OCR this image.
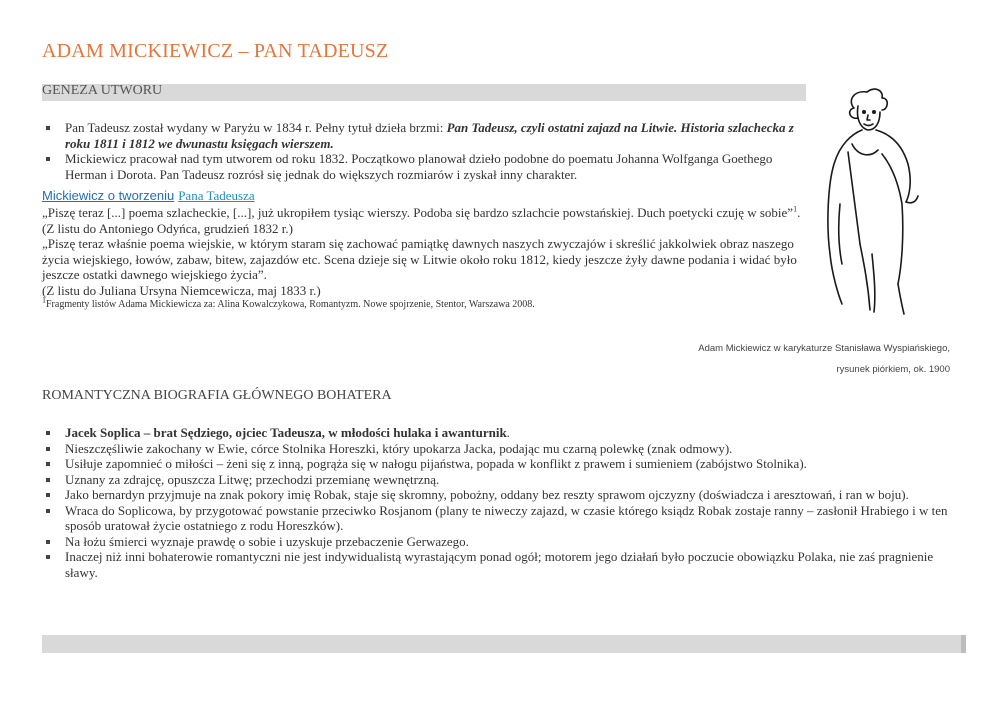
ADAM MICKIEWICZ – PAN TADEUSZ
GENEZA UTWORU
Pan Tadeusz został wydany w Paryżu w 1834 r. Pełny tytuł dzieła brzmi: Pan Tadeusz, czyli ostatni zajazd na Litwie. Historia szlachecka z roku 1811 i 1812 we dwunastu księgach wierszem.
Mickiewicz pracował nad tym utworem od roku 1832. Początkowo planował dzieło podobne do poematu Johanna Wolfganga Goethego Herman i Dorota. Pan Tadeusz rozrósł się jednak do większych rozmiarów i zyskał inny charakter.
Mickiewicz o tworzeniu Pana Tadeusza

„Piszę teraz [...] poema szlacheckie, [...], już ukropiłem tysiąc wierszy. Podoba się bardzo szlachcie powstańskiej. Duch poetycki czuję w sobie”$^1$.

(Z listu do Antoniego Odyńca, grudzień 1832 r.)

„Piszę teraz właśnie poema wiejskie, w którym staram się zachować pamiątkę dawnych naszych zwyczajów i skreślić jakkolwiek obraz naszego życia wiejskiego, łowów, zabaw, bitew, zajazdów etc. Scena dzieje się w Litwie około roku 1812, kiedy jeszcze żyły dawne podania i widać było jeszcze ostatki dawnego wiejskiego życia”.

(Z listu do Juliana Ursyna Niemcewicza, maj 1833 r.)

$^1$Fragmenty listów Adama Mickiewicza za: Alina Kowalczykowa, Romantyzm. Nowe spojrzenie, Stentor, Warszawa 2008.

Adam Mickiewicz w karykaturze Stanisława Wyspiańskiego,
rysunek piórkiem, ok. 1900
ROMANTYCZNA BIOGRAFIA GŁÓWNEGO BOHATERA
Jacek Soplica – brat Sędziego, ojciec Tadeusza, w młodości hulaka i awanturnik.
Nieszczęśliwie zakochany w Ewie, córce Stolnika Horeszki, który upokarza Jacka, podając mu czarną polewkę (znak odmowy).
Usiłuje zapomnieć o miłości – żeni się z inną, pogrąża się w nałogu pijaństwa, popada w konflikt z prawem i sumieniem (zabójstwo Stolnika).
Uznany za zdrajcę, opuszcza Litwę; przechodzi przemianę wewnętrzną.
Jako bernardyn przyjmuje na znak pokory imię Robak, staje się skromny, pobożny, oddany bez reszty sprawom ojczyzny (doświadcza i aresztowań, i ran w boju).
Wraca do Soplicowa, by przygotować powstanie przeciwko Rosjanom (plany te niweczy zajazd, w czasie którego ksiądz Robak zostaje ranny – zasłonił Hrabiego i w ten sposób uratował życie ostatniego z rodu Horeszków).
Na łożu śmierci wyznaje prawdę o sobie i uzyskuje przebaczenie Gerwazego.
Inaczej niż inni bohaterowie romantyczni nie jest indywidualistą wyrastającym ponad ogół; motorem jego działań było poczucie obowiązku Polaka, nie zaś pragnienie sławy.
